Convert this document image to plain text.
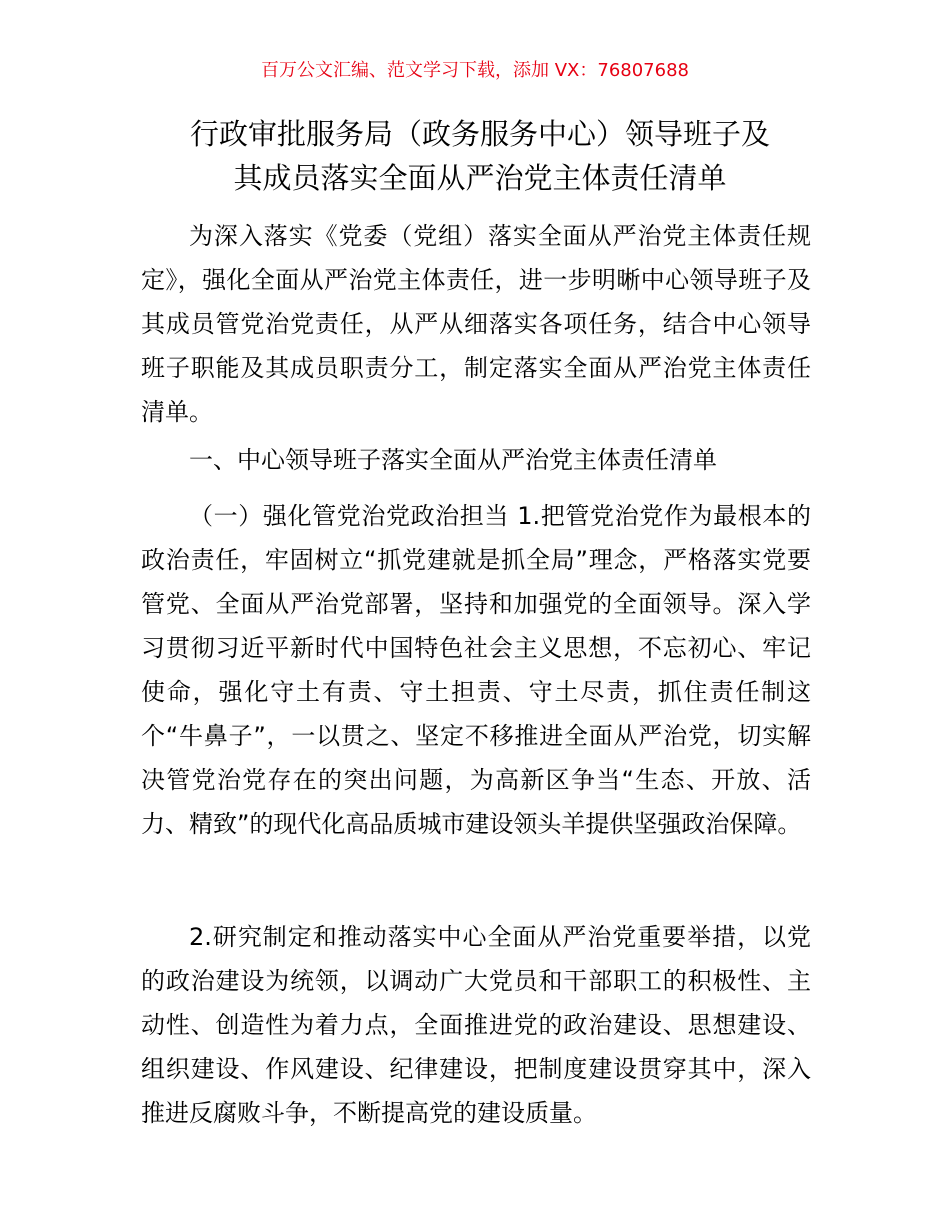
百万公文汇编、范文学习下载，添加 VX：76807688
行政审批服务局（政务服务中心）领导班子及
其成员落实全面从严治党主体责任清单

为深入落实《党委（党组）落实全面从严治党主体责任规定》，强化全面从严治党主体责任，进一步明晰中心领导班子及其成员管党治党责任，从严从细落实各项任务，结合中心领导班子职能及其成员职责分工，制定落实全面从严治党主体责任清单。

一、中心领导班子落实全面从严治党主体责任清单

（一）强化管党治党政治担当 1.把管党治党作为最根本的政治责任，牢固树立“抓党建就是抓全局”理念，严格落实党要管党、全面从严治党部署，坚持和加强党的全面领导。深入学习贯彻习近平新时代中国特色社会主义思想，不忘初心、牢记使命，强化守土有责、守土担责、守土尽责，抓住责任制这个“牛鼻子”，一以贯之、坚定不移推进全面从严治党，切实解决管党治党存在的突出问题，为高新区争当“生态、开放、活力、精致”的现代化高品质城市建设领头羊提供坚强政治保障。

2.研究制定和推动落实中心全面从严治党重要举措，以党的政治建设为统领，以调动广大党员和干部职工的积极性、主动性、创造性为着力点，全面推进党的政治建设、思想建设、组织建设、作风建设、纪律建设，把制度建设贯穿其中，深入推进反腐败斗争，不断提高党的建设质量。
